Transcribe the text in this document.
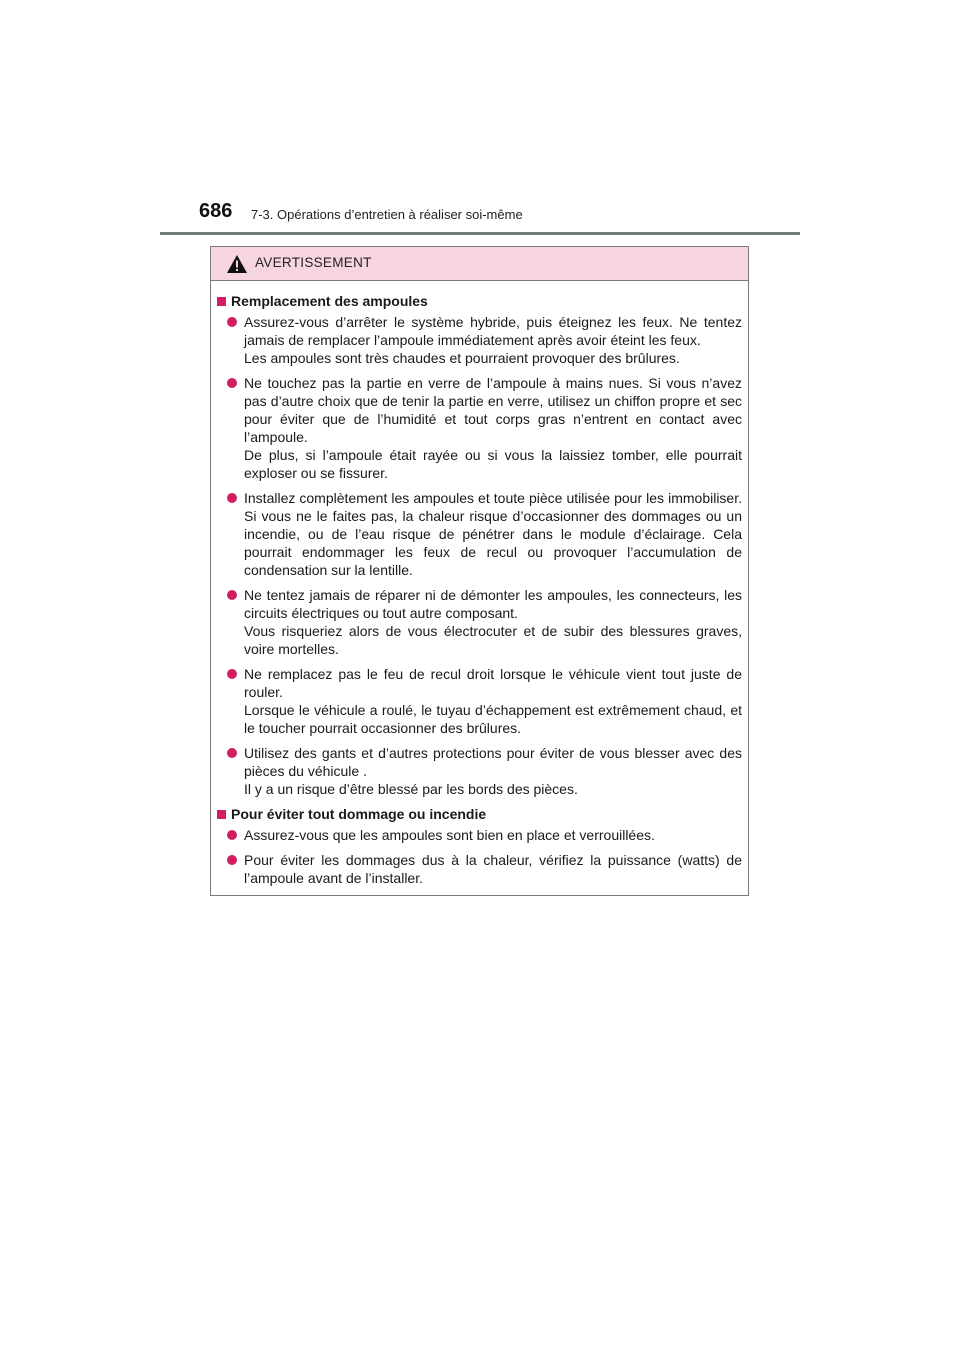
686 7-3. Opérations d’entretien à réaliser soi-même
AVERTISSEMENT
Remplacement des ampoules

Assurez-vous d’arrêter le système hybride, puis éteignez les feux. Ne tentez jamais de remplacer l’ampoule immédiatement après avoir éteint les feux.

Les ampoules sont très chaudes et pourraient provoquer des brûlures.

Ne touchez pas la partie en verre de l’ampoule à mains nues. Si vous n’avez pas d’autre choix que de tenir la partie en verre, utilisez un chiffon propre et sec pour éviter que de l’humidité et tout corps gras n’entrent en contact avec l’ampoule.

De plus, si l’ampoule était rayée ou si vous la laissiez tomber, elle pourrait exploser ou se fissurer.

Installez complètement les ampoules et toute pièce utilisée pour les immobiliser. Si vous ne le faites pas, la chaleur risque d’occasionner des dommages ou un incendie, ou de l’eau risque de pénétrer dans le module d’éclairage. Cela pourrait endommager les feux de recul ou provoquer l’accumulation de condensation sur la lentille.

Ne tentez jamais de réparer ni de démonter les ampoules, les connecteurs, les circuits électriques ou tout autre composant.

Vous risqueriez alors de vous électrocuter et de subir des blessures graves, voire mortelles.

Ne remplacez pas le feu de recul droit lorsque le véhicule vient tout juste de rouler.

Lorsque le véhicule a roulé, le tuyau d’échappement est extrêmement chaud, et le toucher pourrait occasionner des brûlures.

Utilisez des gants et d’autres protections pour éviter de vous blesser avec des pièces du véhicule .

Il y a un risque d’être blessé par les bords des pièces.

Pour éviter tout dommage ou incendie

Assurez-vous que les ampoules sont bien en place et verrouillées.

Pour éviter les dommages dus à la chaleur, vérifiez la puissance (watts) de l’ampoule avant de l’installer.
